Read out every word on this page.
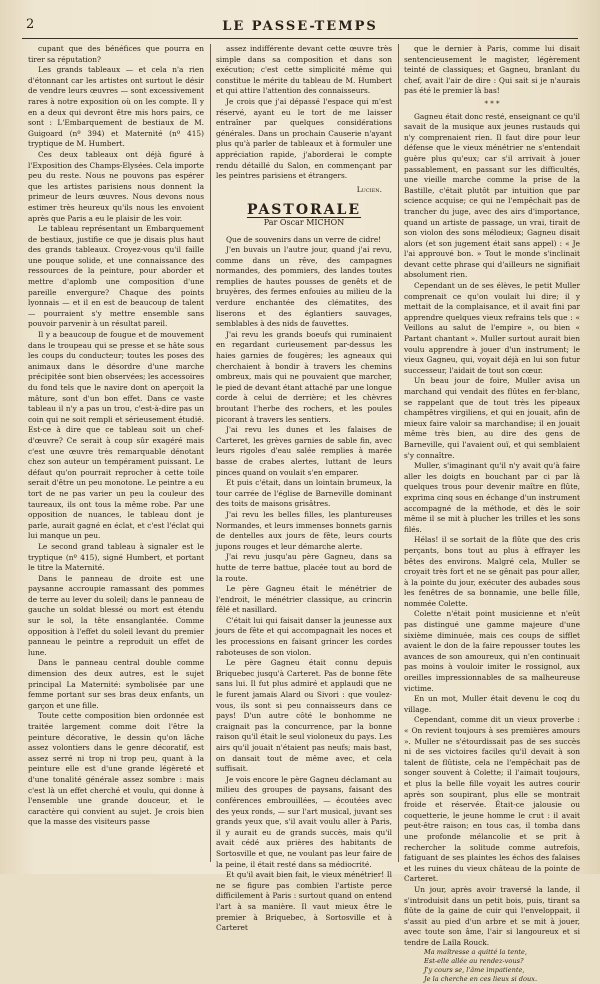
2	LE PASSE-TEMPS

cupant que des bénéfices que pourra en tirer sa réputation?

Les grands tableaux — et cela n'a rien d'étonnant car les artistes ont surtout le désir de vendre leurs œuvres — sont excessivement rares à notre exposition où on les compte. Il y en a deux qui devront être mis hors pairs, ce sont : L'Embarquement de bestiaux de M. Guigoard (nº 394) et Maternité (nº 415) tryptique de M. Humbert.

Ces deux tableaux ont déjà figuré à l'Exposition des Champs-Elysées. Cela importe peu du reste. Nous ne pouvons pas espérer que les artistes parisiens nous donnent la primeur de leurs œuvres. Nous devons nous estimer très heureux qu'ils nous les envoient après que Paris a eu le plaisir de les voir.

Le tableau représentant un Embarquement de bestiaux, justifie ce que je disais plus haut des grands tableaux. Croyez-vous qu'il faille une pouque solide, et une connaissance des ressources de la peinture, pour aborder et mettre d'aplomb une composition d'une pareille envergure? Chaque des points lyonnais — et il en est de beaucoup de talent — pourraient s'y mettre ensemble sans pouvoir parvenir à un résultat pareil.

Il y a beaucoup de fougue et de mouvement dans le troupeau qui se presse et se hâte sous les coups du conducteur; toutes les poses des animaux dans le désordre d'une marche précipitée sont bien observées; les accessoires du fond tels que le navire dont on aperçoit la mâture, sont d'un bon effet. Dans ce vaste tableau il n'y a pas un trou, c'est-à-dire pas un coin qui ne soit rempli et sérieusement étudié. Est-ce à dire que ce tableau soit un chef-d'œuvre? Ce serait à coup sûr exagéré mais c'est une œuvre très remarquable dénotant chez son auteur un tempérament puissant. Le défaut qu'on pourrait reprocher à cette toile serait d'être un peu monotone. Le peintre a eu tort de ne pas varier un peu la couleur des taureaux, ils ont tous la même robe. Par une opposition de nuances, le tableau dont je parle, aurait gagné en éclat, et c'est l'éclat qui lui manque un peu.

Le second grand tableau à signaler est le tryptique (nº 415), signé Humbert, et portant le titre la Maternité.

Dans le panneau de droite est une paysanne accroupie ramassant des pommes de terre au lever du soleil; dans le panneau de gauche un soldat blessé ou mort est étendu sur le sol, la tête ensanglantée. Comme opposition à l'effet du soleil levant du premier panneau le peintre a reproduit un effet de lune.

Dans le panneau central double comme dimension des deux autres, est le sujet principal La Maternité: symbolisée par une femme portant sur ses bras deux enfants, un garçon et une fille.

Toute cette composition bien ordonnée est traitée largement comme doit l'être la peinture décorative, le dessin qu'on lâche assez volontiers dans le genre décoratif, est assez serré ni trop ni trop peu, quant à la peinture elle est d'une grande légèreté et d'une tonalité générale assez sombre : mais c'est là un effet cherché et voulu, qui donne à l'ensemble une grande douceur, et le caractère qui convient au sujet. Je crois bien que la masse des visiteurs passe

assez indifférente devant cette œuvre très simple dans sa composition et dans son exécution; c'est cette simplicité même qui constitue le mérite du tableau de M. Humbert et qui attire l'attention des connaisseurs.

Je crois que j'ai dépassé l'espace qui m'est réservé, ayant eu le tort de me laisser entraîner par quelques considérations générales. Dans un prochain Causerie n'ayant plus qu'à parler de tableaux et à formuler une appréciation rapide, j'aborderai le compte rendu détaillé du Salon, en commençant par les peintres parisiens et étrangers.

Lucien.
PASTORALE
Par Oscar MICHON

Que de souvenirs dans un verre de cidre!

J'en buvais un l'autre jour, quand j'ai revu, comme dans un rêve, des campagnes normandes, des pommiers, des landes toutes remplies de hautes pousses de genêts et de bruyères, des fermes enfouies au milieu de la verdure enchantée des clématites, des liserons et des églantiers sauvages, semblables à des nids de fauvettes.

J'ai revu les grands boeufs qui ruminaient en regardant curieusement par-dessus les haies garnies de fougères; les agneaux qui cherchaient à bondir à travers les chemins ombreux, mais qui ne pouvaient que marcher, le pied de devant étant attaché par une longue corde à celui de derrière; et les chèvres broutant l'herbe des rochers, et les poules picorant à travers les sentiers.

J'ai revu les dunes et les falaises de Carteret, les grèves garnies de sable fin, avec leurs rigoles d'eau salée remplies à marée basse de crabes alertes, luttant de leurs pinces quand on voulait s'en emparer.

Et puis c'était, dans un lointain brumeux, la tour carrée de l'église de Barneville dominant des toits de maisons grisâtres.

J'ai revu les belles filles, les plantureuses Normandes, et leurs immenses bonnets garnis de dentelles aux jours de fête, leurs courts jupons rouges et leur démarche alerte.

J'ai revu jusqu'au père Gagneu, dans sa hutte de terre battue, placée tout au bord de la route.

Le père Gagneu était le ménétrier de l'endroit, le ménétrier classique, au crincrin fêlé et nasillard.

C'était lui qui faisait danser la jeunesse aux jours de fête et qui accompagnait les noces et les processions en faisant grincer les cordes raboteuses de son violon.

Le père Gagneu était connu depuis Briquebec jusqu'à Carteret. Pas de bonne fête sans lui. Il fut plus admiré et applaudi que ne le furent jamais Alard ou Sivori : que voulez-vous, ils sont si peu connaisseurs dans ce pays! D'un autre côté le bonhomme ne craignait pas la concurrence, par la bonne raison qu'il était le seul violoneux du pays. Les airs qu'il jouait n'étaient pas neufs; mais bast, on dansait tout de même avec, et cela suffisait.

Je vois encore le père Gagneu déclamant au milieu des groupes de paysans, faisant des conférences embrouillées, — écoutées avec des yeux ronds, — sur l'art musical, juvant ses grands yeux que, s'il avait voulu aller à Paris, il y aurait eu de grands succès, mais qu'il avait cédé aux prières des habitants de Sortosville et que, ne voulant pas leur faire de la peine, il était resté dans sa médiocrité.

Et qu'il avait bien fait, le vieux ménétrier! Il ne se figure pas combien l'artiste perce difficilement à Paris : surtout quand on entend l'art à sa manière. Il vaut mieux être le premier à Briquebec, à Sortosville et à Carteret

que le dernier à Paris, comme lui disait sentencieusement le magister, légèrement teinté de classiques; et Gagneu, branlant du chef, avait l'air de dire : Qui sait si je n'aurais pas été le premier là bas!

* * *

Gagneu était donc resté, enseignant ce qu'il savait de la musique aux jeunes rustauds qui n'y comprenaient rien. Il faut dire pour leur défense que le vieux ménétrier ne s'entendait guère plus qu'eux; car s'il arrivait à jouer passablement, en passant sur les difficultés, une vieille marche comme la prise de la Bastille, c'était plutôt par intuition que par science acquise; ce qui ne l'empêchait pas de trancher du juge, avec des airs d'importance, quand un artiste de passage, un vrai, tirait de son violon des sons mélodieux; Gagneu disait alors (et son jugement était sans appel) : « Je l'ai approuvé bon. » Tout le monde s'inclinait devant cette phrase qui d'ailleurs ne signifiait absolument rien.

Cependant un de ses élèves, le petit Muller comprenait ce qu'on voulait lui dire; il y mettait de la complaisance, et il avait fini par apprendre quelques vieux refrains tels que : « Veillons au salut de l'empire », ou bien « Partant chantant ». Muller surtout aurait bien voulu apprendre à jouer d'un instrument; le vieux Gagneu, qui, voyait déjà en lui son futur successeur, l'aidait de tout son cœur.

Un beau jour de foire, Muller avisa un marchand qui vendait des flûtes en fer-blanc, se rappelant que de tout très les pipeaux champêtres virgiliens, et qui en jouait, afin de mieux faire valoir sa marchandise; il en jouait même très bien, au dire des gens de Barneville, qui l'avaient ouï, et qui semblaient s'y connaître.

Muller, s'imaginant qu'il n'y avait qu'à faire aller les doigts en bouchant par ci par là quelques trous pour devenir maître en flûte, exprima cinq sous en échange d'un instrument accompagné de la méthode, et dès le soir même il se mit à plucher les trilles et les sons filés.

Hélas! il se sortait de la flûte que des cris perçants, bons tout au plus à effrayer les bêtes des environs. Malgré cela, Muller se croyait très fort et ne se gênait pas pour aller, à la pointe du jour, exécuter des aubades sous les fenêtres de sa bonnamie, une belle fille, nommée Colette.

Colette n'était point musicienne et n'eût pas distingué une gamme majeure d'une sixième diminuée, mais ces coups de sifflet avaient le don de la faire repousser toutes les avances de son amoureux, qui n'en continuait pas moins à vouloir imiter le rossignol, aux oreilles impressionnables de sa malheureuse victime.

En un mot, Muller était devenu le coq du village.

Cependant, comme dit un vieux proverbe : « On revient toujours à ses premières amours ». Muller ne s'étourdissait pas de ses succès ni de ses victoires faciles qu'il devait à son talent de flûtiste, cela ne l'empêchait pas de songer souvent à Colette; il l'aimait toujours, et plus la belle fille voyait les autres courir après son soupirant, plus elle se montrait froide et réservée. Était-ce jalousie ou coquetterie, le jeune homme le crut : il avait peut-être raison; en tous cas, il tomba dans une profonde mélancolie et se prit à rechercher la solitude comme autrefois, fatiguant de ses plaintes les échos des falaises et les ruines du vieux château de la pointe de Carteret.

Un jour, après avoir traversé la lande, il s'introduisit dans un petit bois, puis, tirant sa flûte de la gaine de cuir qui l'enveloppait, il s'assit au pied d'un arbre et se mit à jouer, avec toute son âme, l'air si langoureux et si tendre de Laïla Rouck.

Ma maîtresse a quitté la tente,
Est-elle allée au rendez-vous?
J'y cours se, l'âme impatiente,
Je la cherche en ces lieux si doux.
